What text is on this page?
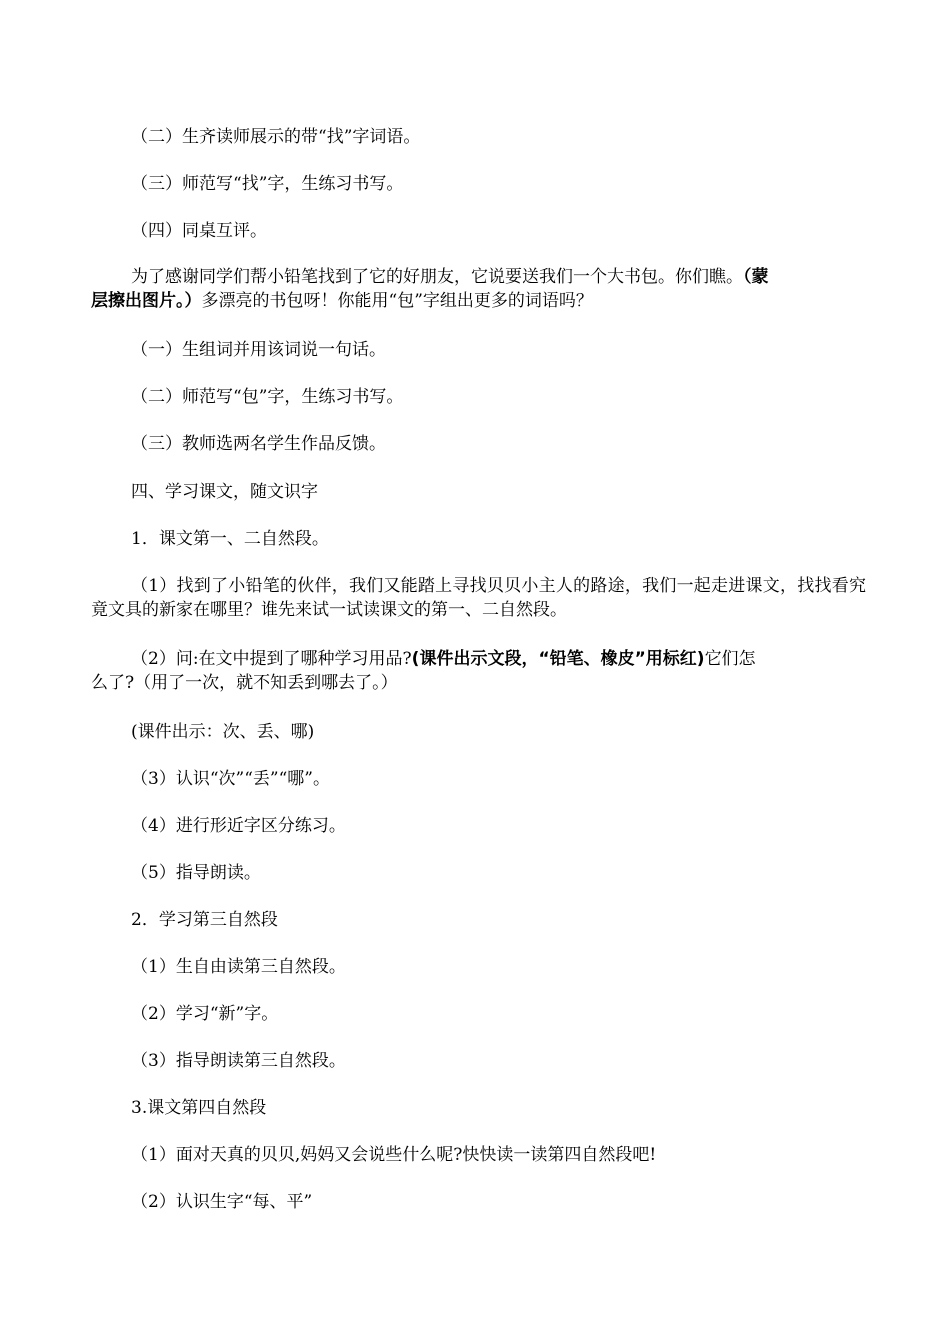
（二）生齐读师展示的带“找”字词语。
（三）师范写“找”字，生练习书写。
（四）同桌互评。
为了感谢同学们帮小铅笔找到了它的好朋友，它说要送我们一个大书包。你们瞧。（蒙
层擦出图片。）多漂亮的书包呀！你能用“包”字组出更多的词语吗？
（一）生组词并用该词说一句话。
（二）师范写“包”字，生练习书写。
（三）教师选两名学生作品反馈。
四、学习课文，随文识字
1．课文第一、二自然段。
（1）找到了小铅笔的伙伴，我们又能踏上寻找贝贝小主人的路途，我们一起走进课文，找找看究竟文具的新家在哪里？谁先来试一试读课文的第一、二自然段。
（2）问:在文中提到了哪种学习用品?(课件出示文段，“铅笔、橡皮”用标红)它们怎
么了?（用了一次，就不知丢到哪去了。）
(课件出示：次、丢、哪)
（3）认识“次”“丢”“哪”。
（4）进行形近字区分练习。
（5）指导朗读。
2．学习第三自然段
（1）生自由读第三自然段。
（2）学习“新”字。
（3）指导朗读第三自然段。
3.课文第四自然段
（1）面对天真的贝贝,妈妈又会说些什么呢?快快读一读第四自然段吧!
（2）认识生字“每、平”
